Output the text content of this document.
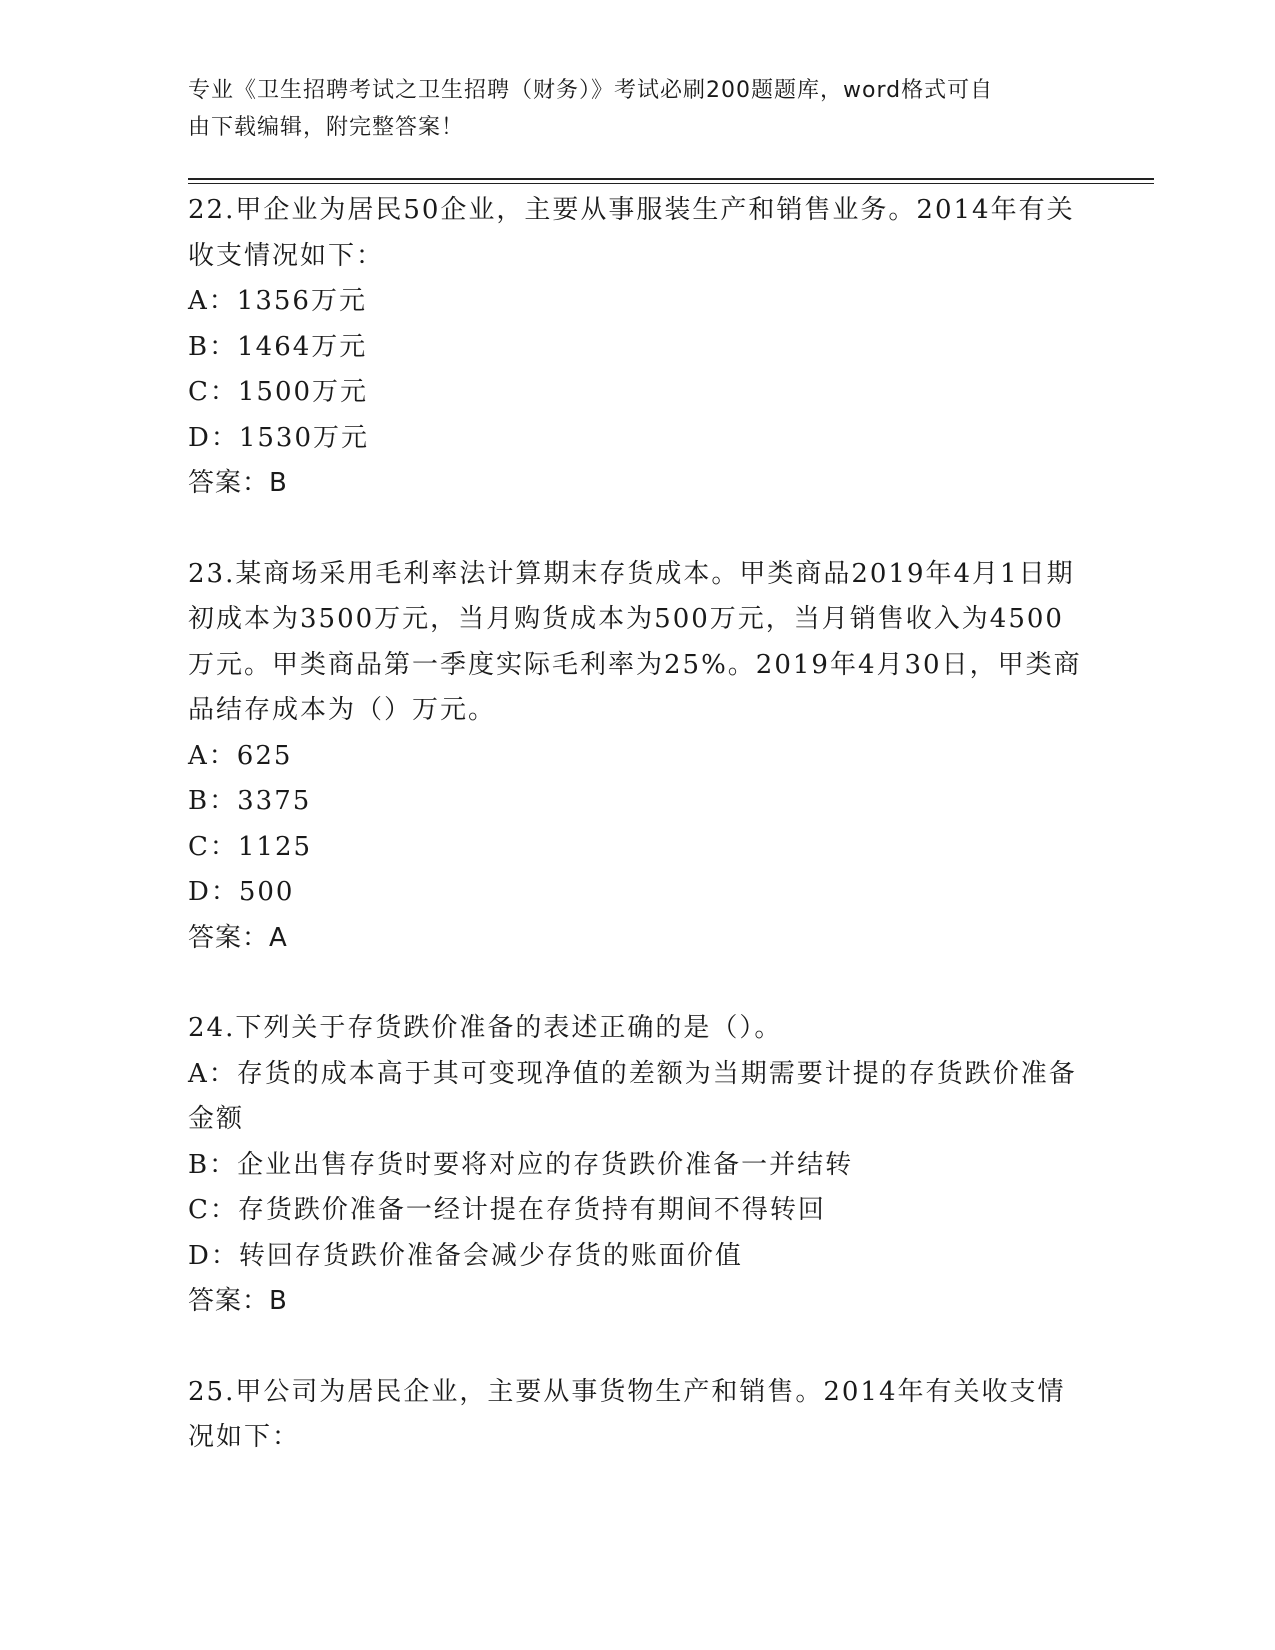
专业《卫生招聘考试之卫生招聘（财务）》考试必刷200题题库，word格式可自
由下载编辑，附完整答案！

22.甲企业为居民50企业，主要从事服装生产和销售业务。2014年有关收支情况如下：

A：1356万元

B：1464万元

C：1500万元

D：1530万元

答案：B

23.某商场采用毛利率法计算期末存货成本。甲类商品2019年4月1日期初成本为3500万元，当月购货成本为500万元，当月销售收入为4500万元。甲类商品第一季度实际毛利率为25%。2019年4月30日，甲类商品结存成本为（）万元。

A：625

B：3375

C：1125

D：500

答案：A

24.下列关于存货跌价准备的表述正确的是（）。

A：存货的成本高于其可变现净值的差额为当期需要计提的存货跌价准备金额

B：企业出售存货时要将对应的存货跌价准备一并结转

C：存货跌价准备一经计提在存货持有期间不得转回

D：转回存货跌价准备会减少存货的账面价值

答案：B

25.甲公司为居民企业，主要从事货物生产和销售。2014年有关收支情况如下：
